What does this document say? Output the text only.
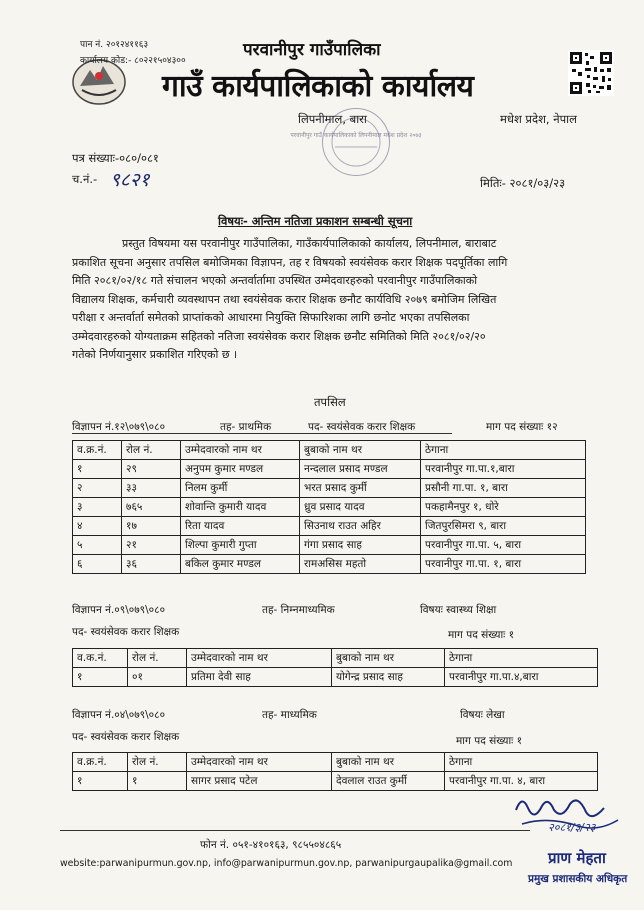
पान नं. २०१२४११६३
कार्यालय कोड:- ८०२२१५०४३००
परवानीपुर गाउँपालिका
गाउँ कार्यपालिकाको कार्यालय
लिपनीमाल, बारा	मधेश प्रदेश, नेपाल
परवानीपुर गाउँ कार्यपालिकाको लिपनीमाल मधेश प्रदेश २०७३
पत्र संख्याः-०८०/०८१
च.नं.- ९८२१	मितिः- २०८१/०३/२३
विषयः- अन्तिम नतिजा प्रकाशन सम्बन्धी सूचना
प्रस्तुत विषयमा यस परवानीपुर गाउँपालिका, गाउँकार्यपालिकाको कार्यालय, लिपनीमाल, बाराबाट
प्रकाशित सूचना अनुसार तपसिल बमोजिमका विज्ञापन, तह र विषयको स्वयंसेवक करार शिक्षक पदपूर्तिका लागि
मिति २०८१/०२/१८ गते संचालन भएको अन्तर्वार्तामा उपस्थित उम्मेदवारहरुको परवानीपुर गाउँपालिकाको
विद्यालय शिक्षक, कर्मचारी व्यवस्थापन तथा स्वयंसेवक करार शिक्षक छनौट कार्यविधि २०७९ बमोजिम लिखित
परीक्षा र अन्तर्वार्ता समेतको प्राप्तांकको आधारमा नियुक्ति सिफारिशका लागि छनोट भएका तपसिलका
उम्मेदवारहरुको योग्यताक्रम सहितको नतिजा स्वयंसेवक करार शिक्षक छनौट समितिको मिति २०८१/०२/२०
गतेको निर्णयानुसार प्रकाशित गरिएको छ ।
तपसिल
विज्ञापन नं.१२\०७९\०८०	तह- प्राथमिक	पद- स्वयंसेवक करार शिक्षक	माग पद संख्याः १२
व.क्र.नं.	रोल नं.	उम्मेदवारको नाम थर	बुबाको नाम थर	ठेगाना
१	२९	अनुपम कुमार मण्डल	नन्दलाल प्रसाद मण्डल	परवानीपुर गा.पा.१,बारा
२	३३	निलम कुर्मी	भरत प्रसाद कुर्मी	प्रसौनी गा.पा. १, बारा
३	७६५	शोवान्ति कुमारी यादव	ध्रुव प्रसाद यादव	पकहामैनपुर १, धोरे
४	१७	रिता यादव	सिउनाथ राउत अहिर	जितपुरसिमरा ९, बारा
५	२१	शिल्पा कुमारी गुप्ता	गंगा प्रसाद साह	परवानीपुर गा.पा. ५, बारा
६	३६	बकिल कुमार मण्डल	रामअसिस महतो	परवानीपुर गा.पा. १, बारा
विज्ञापन नं.०९\०७९\०८०	तह- निम्नमाध्यमिक	विषयः स्वास्थ्य शिक्षा
पद- स्वयंसेवक करार शिक्षक	माग पद संख्याः १
व.क.नं.	रोल नं.	उम्मेदवारको नाम थर	बुबाको नाम थर	ठेगाना
१	०१	प्रतिमा देवी साह	योगेन्द्र प्रसाद साह	परवानीपुर गा.पा.४,बारा
विज्ञापन नं.०४\०७९\०८०	तह- माध्यमिक	विषयः लेखा
पद- स्वयंसेवक करार शिक्षक	माग पद संख्याः १
व.क्र.नं.	रोल नं.	उम्मेदवारको नाम थर	बुबाको नाम थर	ठेगाना
१	१	सागर प्रसाद पटेल	देवलाल राउत कुर्मी	परवानीपुर गा.पा. ४, बारा
२०८१/३/२३
फोन नं. ०५१-४१०१६३, ९८५५०४८६५
website:parwanipurmun.gov.np, info@parwanipurmun.gov.np, parwanipurgaupalika@gmail.com प्राण मेहता
प्रमुख प्रशासकीय अधिकृत
